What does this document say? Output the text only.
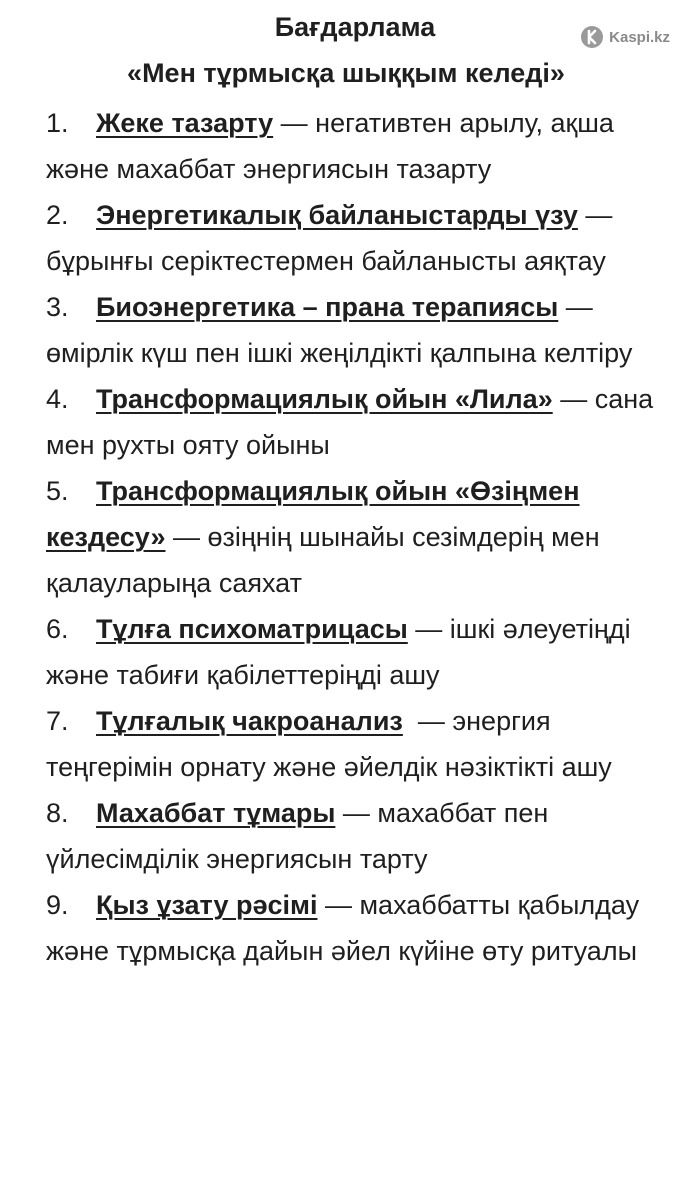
Kaspi.kz
Бағдарлама
«Мен тұрмысқа шыққым келеді»
1. Жеке тазарту — негативтен арылу, ақша және махаббат энергиясын тазарту
2. Энергетикалық байланыстарды үзу — бұрынғы серіктестермен байланысты аяқтау
3. Биоэнергетика – прана терапиясы — өмірлік күш пен ішкі жеңілдікті қалпына келтіру
4. Трансформациялық ойын «Лила» — сана мен рухты ояту ойыны
5. Трансформациялық ойын «Өзіңмен кездесу» — өзіңнің шынайы сезімдерің мен қалауларыңа саяхат
6. Тұлға психоматрицасы — ішкі әлеуетіңді және табиғи қабілеттеріңді ашу
7. Тұлғалық чакроанализ  — энергия теңгерімін орнату және әйелдік нәзіктікті ашу
8. Махаббат тұмары — махаббат пен үйлесімділік энергиясын тарту
9. Қыз ұзату рәсімі — махаббатты қабылдау және тұрмысқа дайын әйел күйіне өту ритуалы
